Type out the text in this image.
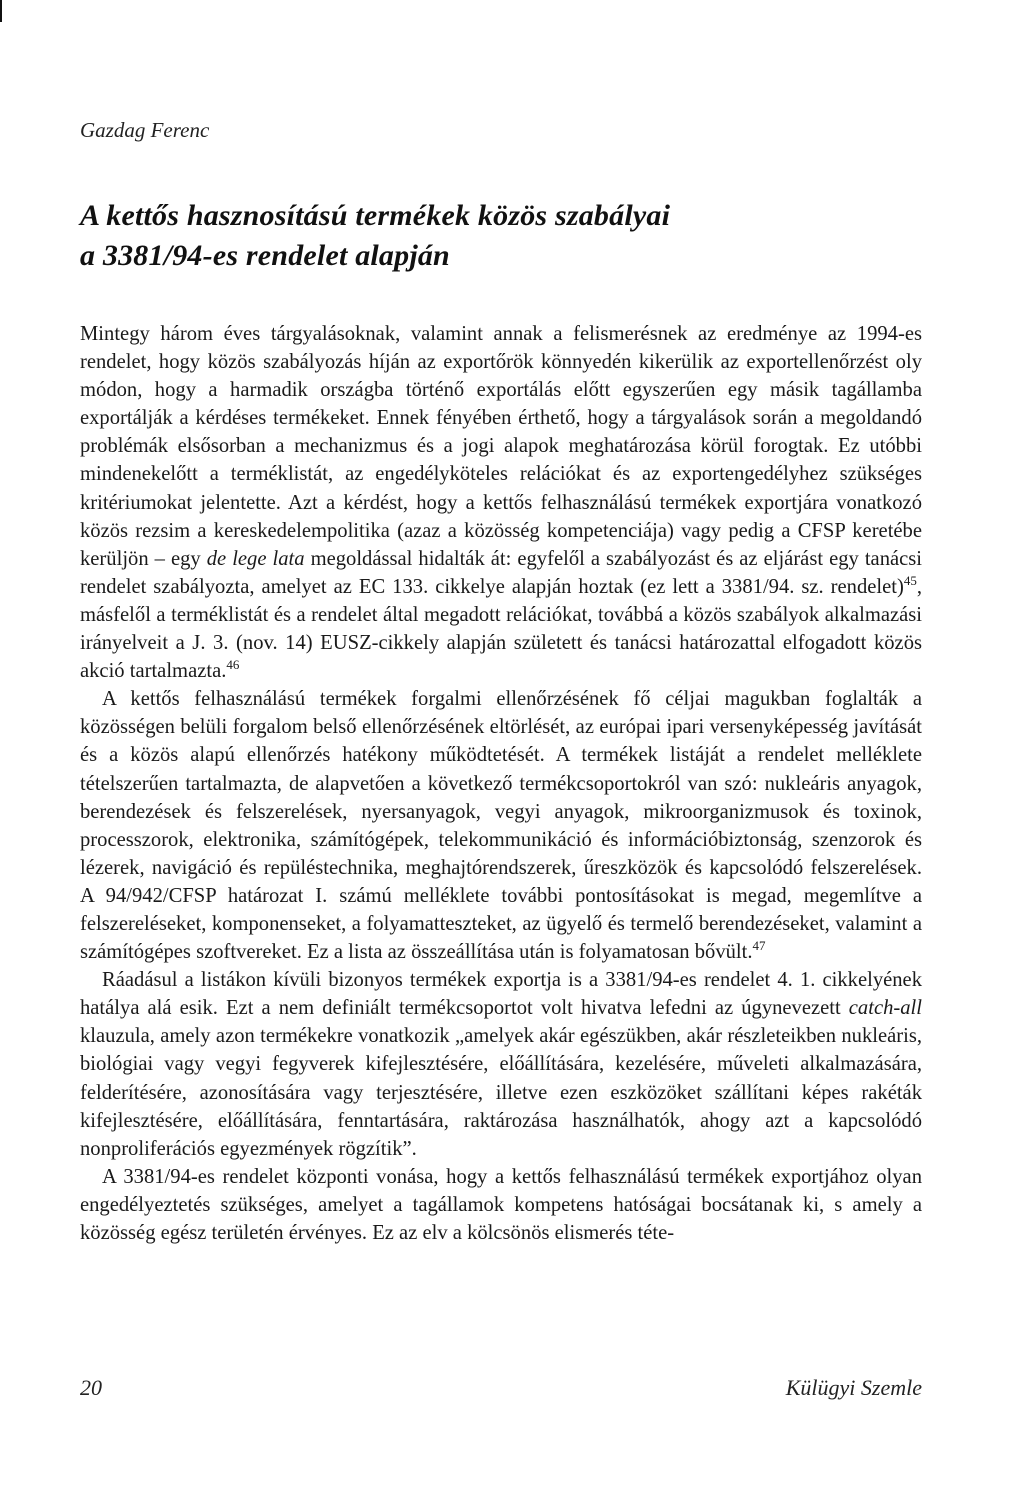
Gazdag Ferenc
A kettős hasznosítású termékek közös szabályai
a 3381/94-es rendelet alapján

Mintegy három éves tárgyalásoknak, valamint annak a felismerésnek az eredménye az 1994-es rendelet, hogy közös szabályozás híján az exportőrök könnyedén kikerülik az exportellenőrzést oly módon, hogy a harmadik országba történő exportálás előtt egyszerűen egy másik tagállamba exportálják a kérdéses termékeket. Ennek fényében érthető, hogy a tárgyalások során a megoldandó problémák elsősorban a mechanizmus és a jogi alapok meghatározása körül forogtak. Ez utóbbi mindenekelőtt a terméklistát, az engedélyköteles relációkat és az exportengedélyhez szükséges kritériumokat jelentette. Azt a kérdést, hogy a kettős felhasználású termékek exportjára vonatkozó közös rezsim a kereskedelempolitika (azaz a közösség kompetenciája) vagy pedig a CFSP keretébe kerüljön – egy de lege lata megoldással hidalták át: egyfelől a szabályozást és az eljárást egy tanácsi rendelet szabályozta, amelyet az EC 133. cikkelye alapján hoztak (ez lett a 3381/94. sz. rendelet)$^{45}$, másfelől a terméklistát és a rendelet által megadott relációkat, továbbá a közös szabályok alkalmazási irányelveit a J. 3. (nov. 14) EUSZ-cikkely alapján született és tanácsi határozattal elfogadott közös akció tartalmazta.$^{46}$

A kettős felhasználású termékek forgalmi ellenőrzésének fő céljai magukban foglalták a közösségen belüli forgalom belső ellenőrzésének eltörlését, az európai ipari versenyképesség javítását és a közös alapú ellenőrzés hatékony működtetését. A termékek listáját a rendelet melléklete tételszerűen tartalmazta, de alapvetően a következő termékcsoportokról van szó: nukleáris anyagok, berendezések és felszerelések, nyersanyagok, vegyi anyagok, mikroorganizmusok és toxinok, processzorok, elektronika, számítógépek, telekommunikáció és információbiztonság, szenzorok és lézerek, navigáció és repüléstechnika, meghajtórendszerek, űreszközök és kapcsolódó felszerelések. A 94/942/CFSP határozat I. számú melléklete további pontosításokat is megad, megemlítve a felszereléseket, komponenseket, a folyamatteszteket, az ügyelő és termelő berendezéseket, valamint a számítógépes szoftvereket. Ez a lista az összeállítása után is folyamatosan bővült.$^{47}$

Ráadásul a listákon kívüli bizonyos termékek exportja is a 3381/94-es rendelet 4. 1. cikkelyének hatálya alá esik. Ezt a nem definiált termékcsoportot volt hivatva lefedni az úgynevezett catch-all klauzula, amely azon termékekre vonatkozik „amelyek akár egészükben, akár részleteikben nukleáris, biológiai vagy vegyi fegyverek kifejlesztésére, előállítására, kezelésére, műveleti alkalmazására, felderítésére, azonosítására vagy terjesztésére, illetve ezen eszközöket szállítani képes rakéták kifejlesztésére, előállítására, fenntartására, raktározása használhatók, ahogy azt a kapcsolódó nonproliferációs egyezmények rögzítik”.

A 3381/94-es rendelet központi vonása, hogy a kettős felhasználású termékek exportjához olyan engedélyeztetés szükséges, amelyet a tagállamok kompetens hatóságai bocsátanak ki, s amely a közösség egész területén érvényes. Ez az elv a kölcsönös elismerés téte-

20	Külügyi Szemle
